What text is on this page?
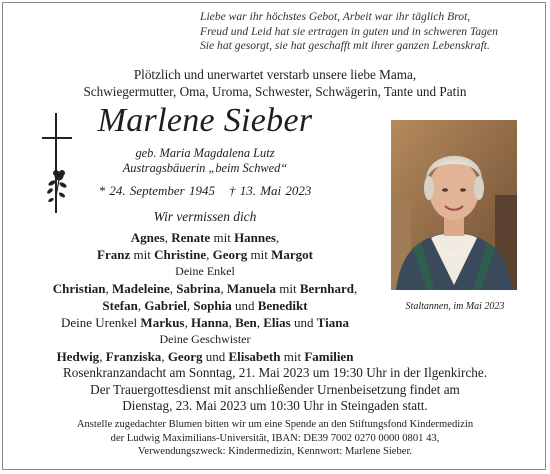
Liebe war ihr höchstes Gebot, Arbeit war ihr täglich Brot,
Freud und Leid hat sie ertragen in guten und in schweren Tagen
Sie hat gesorgt, sie hat geschafft mit ihrer ganzen Lebenskraft.
Plötzlich und unerwartet verstarb unsere liebe Mama,
Schwiegermutter, Oma, Uroma, Schwester, Schwägerin, Tante und Patin
Marlene Sieber
geb. Maria Magdalena Lutz
Austragsbäuerin „beim Schwed“
* 24. September 1945 † 13. Mai 2023
Wir vermissen dich
Agnes, Renate mit Hannes,
Franz mit Christine, Georg mit Margot
Deine Enkel
Christian, Madeleine, Sabrina, Manuela mit Bernhard,
Stefan, Gabriel, Sophia und Benedikt
Deine Urenkel Markus, Hanna, Ben, Elias und Tiana
Deine Geschwister
Hedwig, Franziska, Georg und Elisabeth mit Familien
Staltannen, im Mai 2023
Rosenkranzandacht am Sonntag, 21. Mai 2023 um 19:30 Uhr in der Ilgenkirche.
Der Trauergottesdienst mit anschließender Urnenbeisetzung findet am
Dienstag, 23. Mai 2023 um 10:30 Uhr in Steingaden statt.
Anstelle zugedachter Blumen bitten wir um eine Spende an den Stiftungsfond Kindermedizin
der Ludwig Maximilians-Universität, IBAN: DE39 7002 0270 0000 0801 43,
Verwendungszweck: Kindermedizin, Kennwort: Marlene Sieber.
